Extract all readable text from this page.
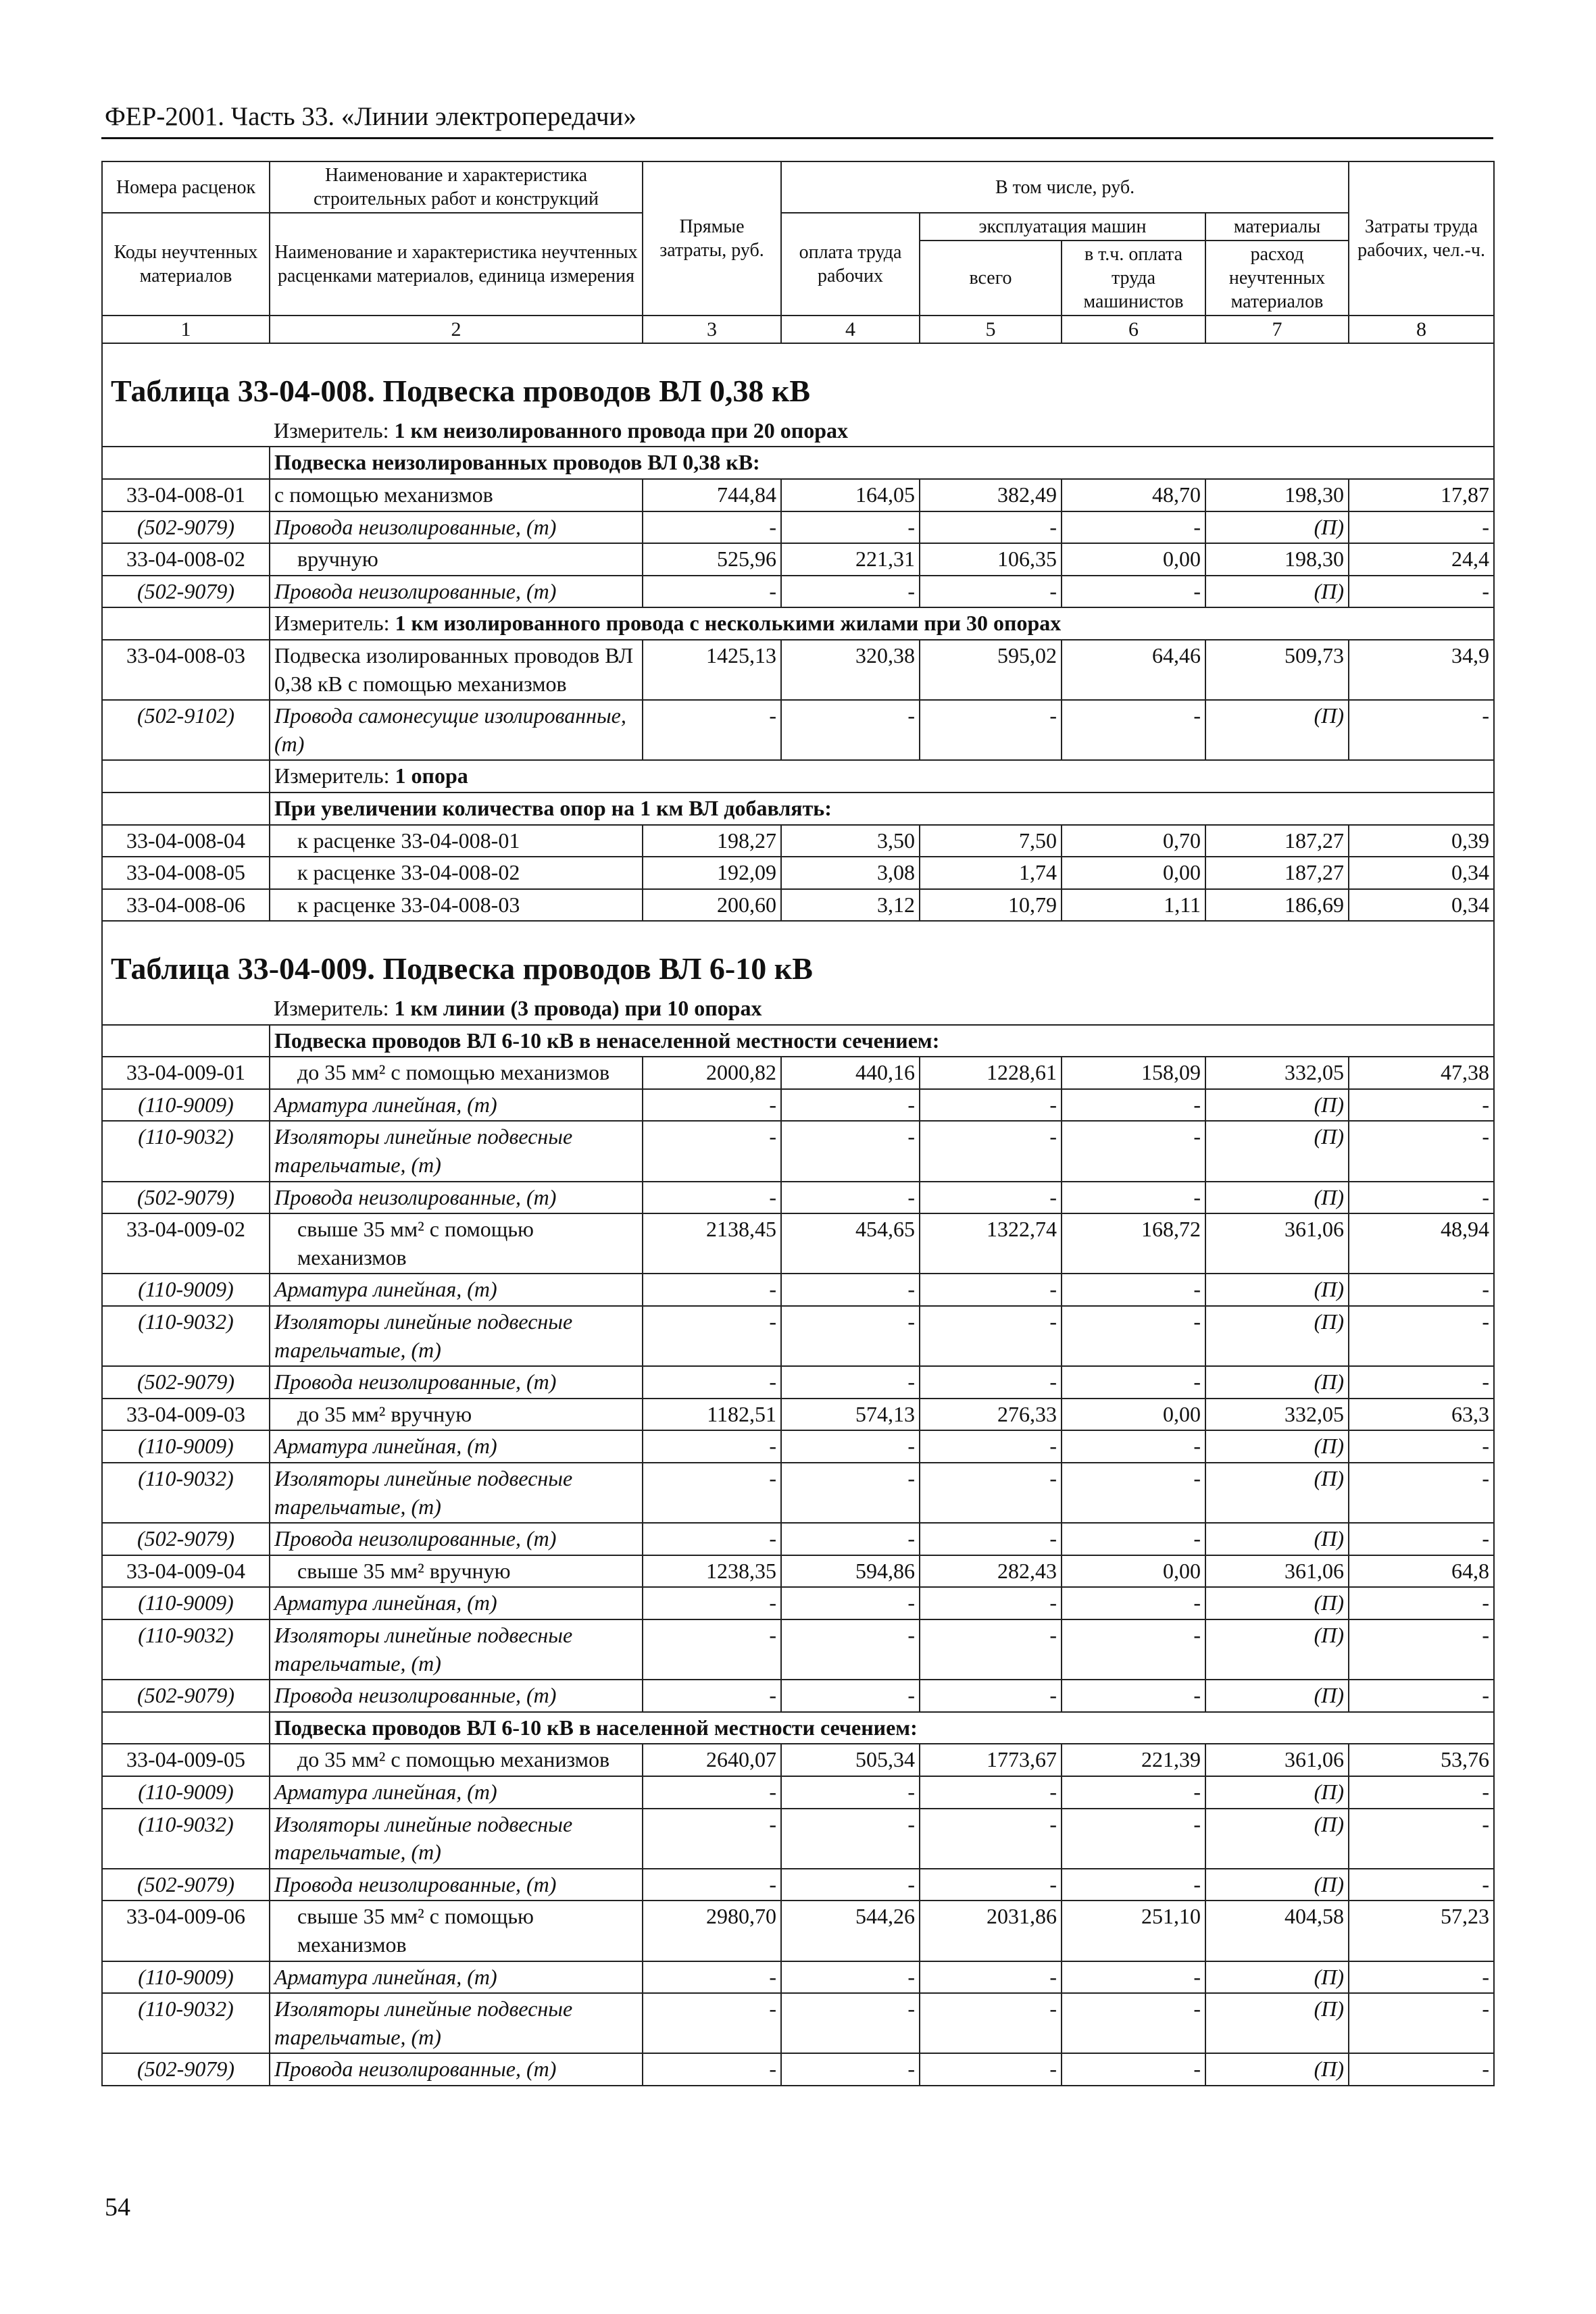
ФЕР-2001. Часть 33. «Линии электропередачи»
Номера расценок	Наименование и характеристика строительных работ и конструкций	Прямые затраты, руб.	В том числе, руб.				Затраты труда рабочих, чел.-ч.
Коды неучтенных материалов	Наименование и характеристика неучтенных расценками материалов, единица измерения		оплата труда рабочих	эксплуатация машин		материалы	
				всего	в т.ч. оплата труда машинистов	расход неучтенных материалов	
1	2	3	4	5	6	7	8
Таблица 33-04-008. Подвеска проводов ВЛ 0,38 кВ							
	Измеритель: 1 км неизолированного провода при 20 опорах						
	Подвеска неизолированных проводов ВЛ 0,38 кВ:						
33-04-008-01	с помощью механизмов	744,84	164,05	382,49	48,70	198,30	17,87
(502-9079)	Провода неизолированные, (т)	-	-	-	-	(П)	-
33-04-008-02	вручную	525,96	221,31	106,35	0,00	198,30	24,4
(502-9079)	Провода неизолированные, (т)	-	-	-	-	(П)	-
	Измеритель: 1 км изолированного провода с несколькими жилами при 30 опорах						
33-04-008-03	Подвеска изолированных проводов ВЛ 0,38 кВ с помощью механизмов	1425,13	320,38	595,02	64,46	509,73	34,9
(502-9102)	Провода самонесущие изолированные, (т)	-	-	-	-	(П)	-
	Измеритель: 1 опора						
	При увеличении количества опор на 1 км ВЛ добавлять:						
33-04-008-04	к расценке 33-04-008-01	198,27	3,50	7,50	0,70	187,27	0,39
33-04-008-05	к расценке 33-04-008-02	192,09	3,08	1,74	0,00	187,27	0,34
33-04-008-06	к расценке 33-04-008-03	200,60	3,12	10,79	1,11	186,69	0,34
Таблица 33-04-009. Подвеска проводов ВЛ 6-10 кВ							
	Измеритель: 1 км линии (3 провода) при 10 опорах						
	Подвеска проводов ВЛ 6-10 кВ в ненаселенной местности сечением:						
33-04-009-01	до 35 мм² с помощью механизмов	2000,82	440,16	1228,61	158,09	332,05	47,38
(110-9009)	Арматура линейная, (т)	-	-	-	-	(П)	-
(110-9032)	Изоляторы линейные подвесные тарельчатые, (т)	-	-	-	-	(П)	-
(502-9079)	Провода неизолированные, (т)	-	-	-	-	(П)	-
33-04-009-02	свыше 35 мм² с помощью механизмов	2138,45	454,65	1322,74	168,72	361,06	48,94
(110-9009)	Арматура линейная, (т)	-	-	-	-	(П)	-
(110-9032)	Изоляторы линейные подвесные тарельчатые, (т)	-	-	-	-	(П)	-
(502-9079)	Провода неизолированные, (т)	-	-	-	-	(П)	-
33-04-009-03	до 35 мм² вручную	1182,51	574,13	276,33	0,00	332,05	63,3
(110-9009)	Арматура линейная, (т)	-	-	-	-	(П)	-
(110-9032)	Изоляторы линейные подвесные тарельчатые, (т)	-	-	-	-	(П)	-
(502-9079)	Провода неизолированные, (т)	-	-	-	-	(П)	-
33-04-009-04	свыше 35 мм² вручную	1238,35	594,86	282,43	0,00	361,06	64,8
(110-9009)	Арматура линейная, (т)	-	-	-	-	(П)	-
(110-9032)	Изоляторы линейные подвесные тарельчатые, (т)	-	-	-	-	(П)	-
(502-9079)	Провода неизолированные, (т)	-	-	-	-	(П)	-
	Подвеска проводов ВЛ 6-10 кВ в населенной местности сечением:						
33-04-009-05	до 35 мм² с помощью механизмов	2640,07	505,34	1773,67	221,39	361,06	53,76
(110-9009)	Арматура линейная, (т)	-	-	-	-	(П)	-
(110-9032)	Изоляторы линейные подвесные тарельчатые, (т)	-	-	-	-	(П)	-
(502-9079)	Провода неизолированные, (т)	-	-	-	-	(П)	-
33-04-009-06	свыше 35 мм² с помощью механизмов	2980,70	544,26	2031,86	251,10	404,58	57,23
(110-9009)	Арматура линейная, (т)	-	-	-	-	(П)	-
(110-9032)	Изоляторы линейные подвесные тарельчатые, (т)	-	-	-	-	(П)	-
(502-9079)	Провода неизолированные, (т)	-	-	-	-	(П)	-
54
